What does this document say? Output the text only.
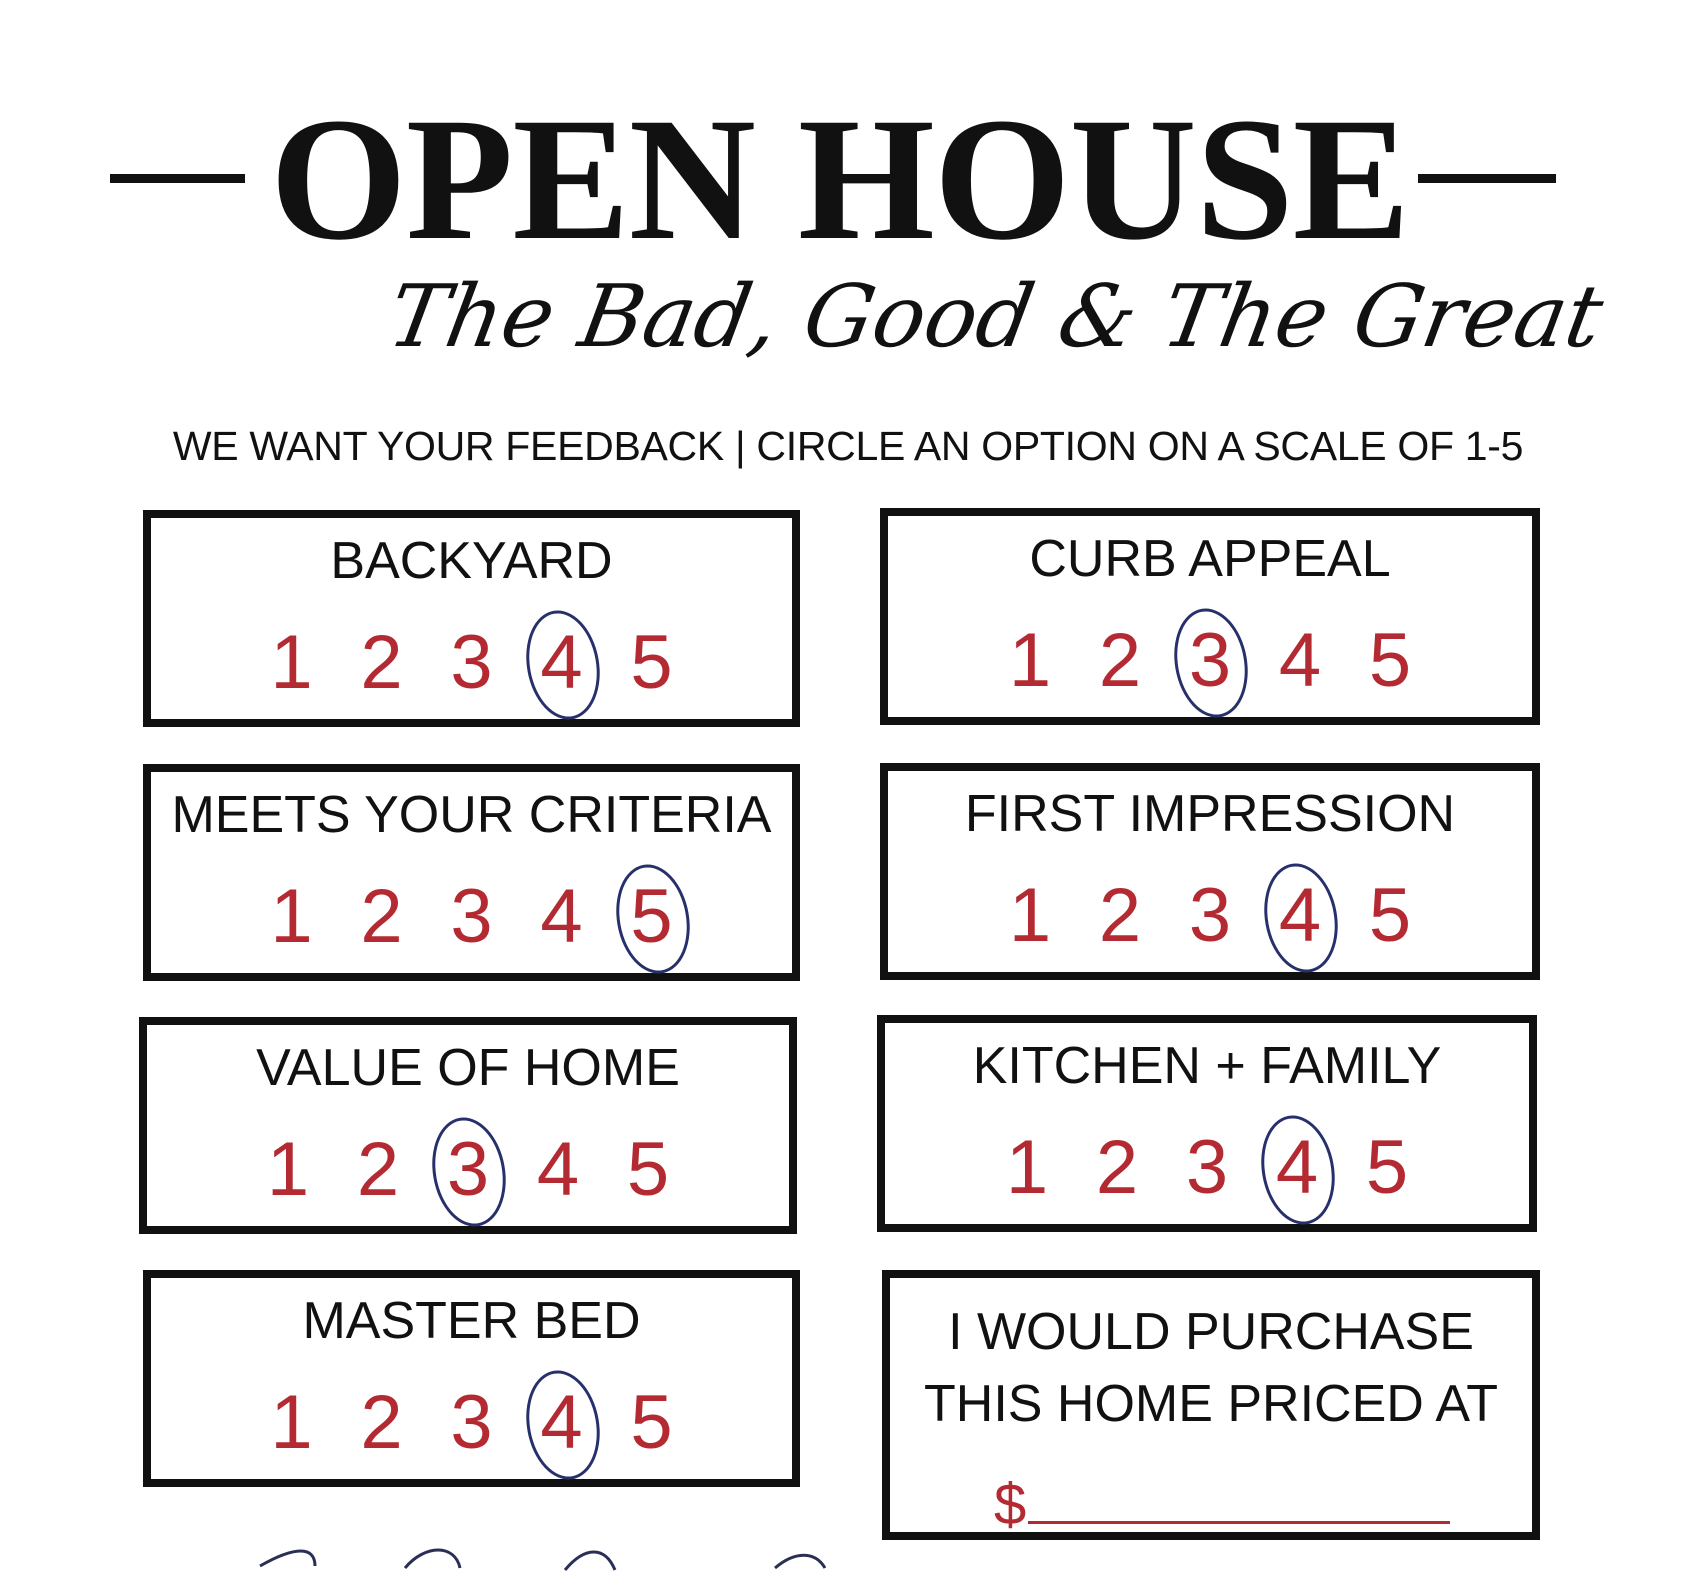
OPEN HOUSE
The Bad, Good & The Great
WE WANT YOUR FEEDBACK | CIRCLE AN OPTION ON A SCALE OF 1-5
BACKYARD
1 2 3 4 5
MEETS YOUR CRITERIA
1 2 3 4 5
VALUE OF HOME
1 2 3 4 5
MASTER BED
1 2 3 4 5
CURB APPEAL
1 2 3 4 5
FIRST IMPRESSION
1 2 3 4 5
KITCHEN + FAMILY
1 2 3 4 5
I WOULD PURCHASE
THIS HOME PRICED AT
$
